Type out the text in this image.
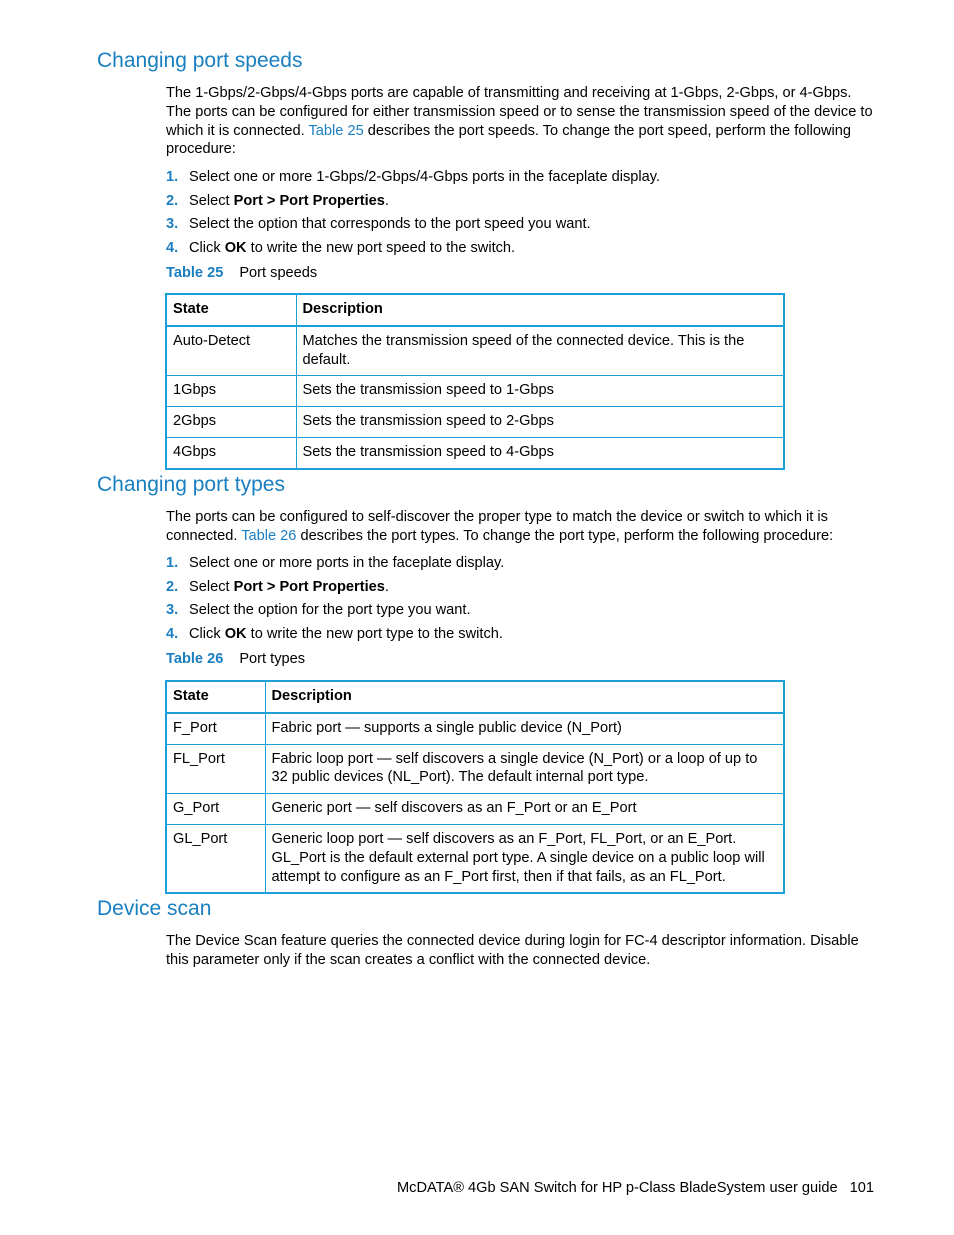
Changing port speeds

The 1-Gbps/2-Gbps/4-Gbps ports are capable of transmitting and receiving at 1-Gbps, 2-Gbps, or 4-Gbps. The ports can be configured for either transmission speed or to sense the transmission speed of the device to which it is connected. Table 25 describes the port speeds. To change the port speed, perform the following procedure:

1. Select one or more 1-Gbps/2-Gbps/4-Gbps ports in the faceplate display.
2. Select Port > Port Properties.
3. Select the option that corresponds to the port speed you want.
4. Click OK to write the new port speed to the switch.
Table 25 Port speeds
State	Description
Auto-Detect	Matches the transmission speed of the connected device. This is the default.
1Gbps	Sets the transmission speed to 1-Gbps
2Gbps	Sets the transmission speed to 2-Gbps
4Gbps	Sets the transmission speed to 4-Gbps
Changing port types

The ports can be configured to self-discover the proper type to match the device or switch to which it is connected. Table 26 describes the port types. To change the port type, perform the following procedure:

1. Select one or more ports in the faceplate display.
2. Select Port > Port Properties.
3. Select the option for the port type you want.
4. Click OK to write the new port type to the switch.
Table 26 Port types
State	Description
F_Port	Fabric port — supports a single public device (N_Port)
FL_Port	Fabric loop port — self discovers a single device (N_Port) or a loop of up to 32 public devices (NL_Port). The default internal port type.
G_Port	Generic port — self discovers as an F_Port or an E_Port
GL_Port	Generic loop port — self discovers as an F_Port, FL_Port, or an E_Port. GL_Port is the default external port type. A single device on a public loop will attempt to configure as an F_Port first, then if that fails, as an FL_Port.
Device scan

The Device Scan feature queries the connected device during login for FC-4 descriptor information. Disable this parameter only if the scan creates a conflict with the connected device.

McDATA® 4Gb SAN Switch for HP p-Class BladeSystem user guide 101
